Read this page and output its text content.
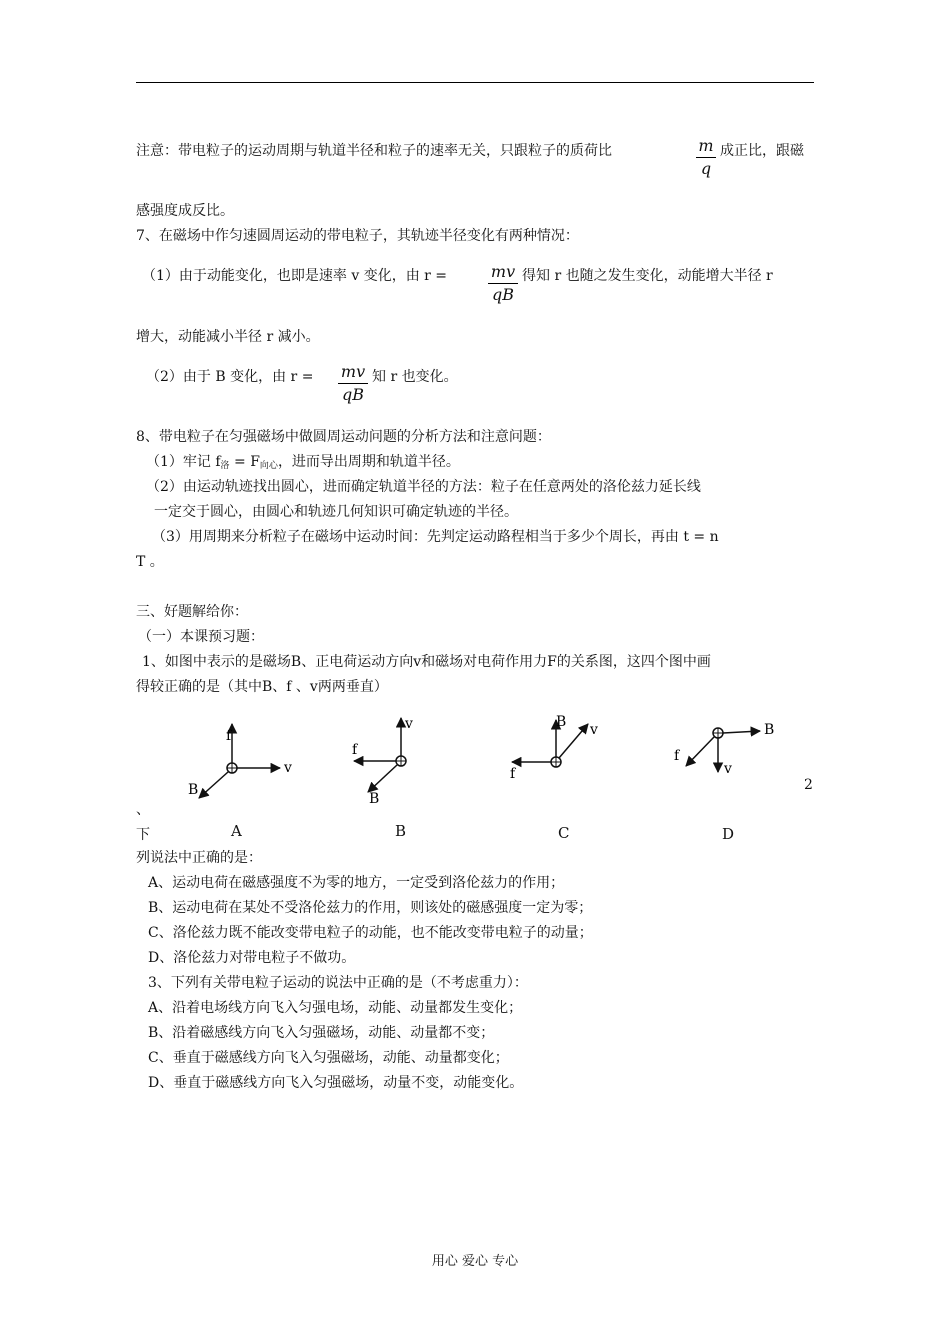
注意：带电粒子的运动周期与轨道半径和粒子的速率无关，只跟粒子的质荷比	m
q
成正比，跟磁
感强度成反比。
7、在磁场中作匀速圆周运动的带电粒子，其轨迹半径变化有两种情况：
（1）由于动能变化，也即是速率 v 变化，由 r =	mv
qB
得知 r 也随之发生变化，动能增大半径 r
增大，动能减小半径 r 减小。
（2）由于 B 变化，由 r = mv
qB
知 r 也变化。
8、带电粒子在匀强磁场中做圆周运动问题的分析方法和注意问题：
（1）牢记 $f_洛 = F_{向心}$，进而导出周期和轨道半径。
（2）由运动轨迹找出圆心，进而确定轨道半径的方法：粒子在任意两处的洛伦兹力延长线
一定交于圆心，由圆心和轨迹几何知识可确定轨迹的半径。
（3）用周期来分析粒子在磁场中运动时间：先判定运动路程相当于多少个周长，再由 t = n
T 。
三、好题解给你：
（一）本课预习题：
1、如图中表示的是磁场B、正电荷运动方向v和磁场对电荷作用力F的关系图，这四个图中画
得较正确的是（其中B、f 、v两两垂直）
f
v
B
v
f
B
B v
f
B
v
f
A	B	C	D
2
、
下
列说法中正确的是：
A、运动电荷在磁感强度不为零的地方，一定受到洛伦兹力的作用；
B、运动电荷在某处不受洛伦兹力的作用，则该处的磁感强度一定为零；
C、洛伦兹力既不能改变带电粒子的动能，也不能改变带电粒子的动量；
D、洛伦兹力对带电粒子不做功。
3、下列有关带电粒子运动的说法中正确的是（不考虑重力）：
A、沿着电场线方向飞入匀强电场，动能、动量都发生变化；
B、沿着磁感线方向飞入匀强磁场，动能、动量都不变；
C、垂直于磁感线方向飞入匀强磁场，动能、动量都变化；
D、垂直于磁感线方向飞入匀强磁场，动量不变，动能变化。
用心 爱心 专心
